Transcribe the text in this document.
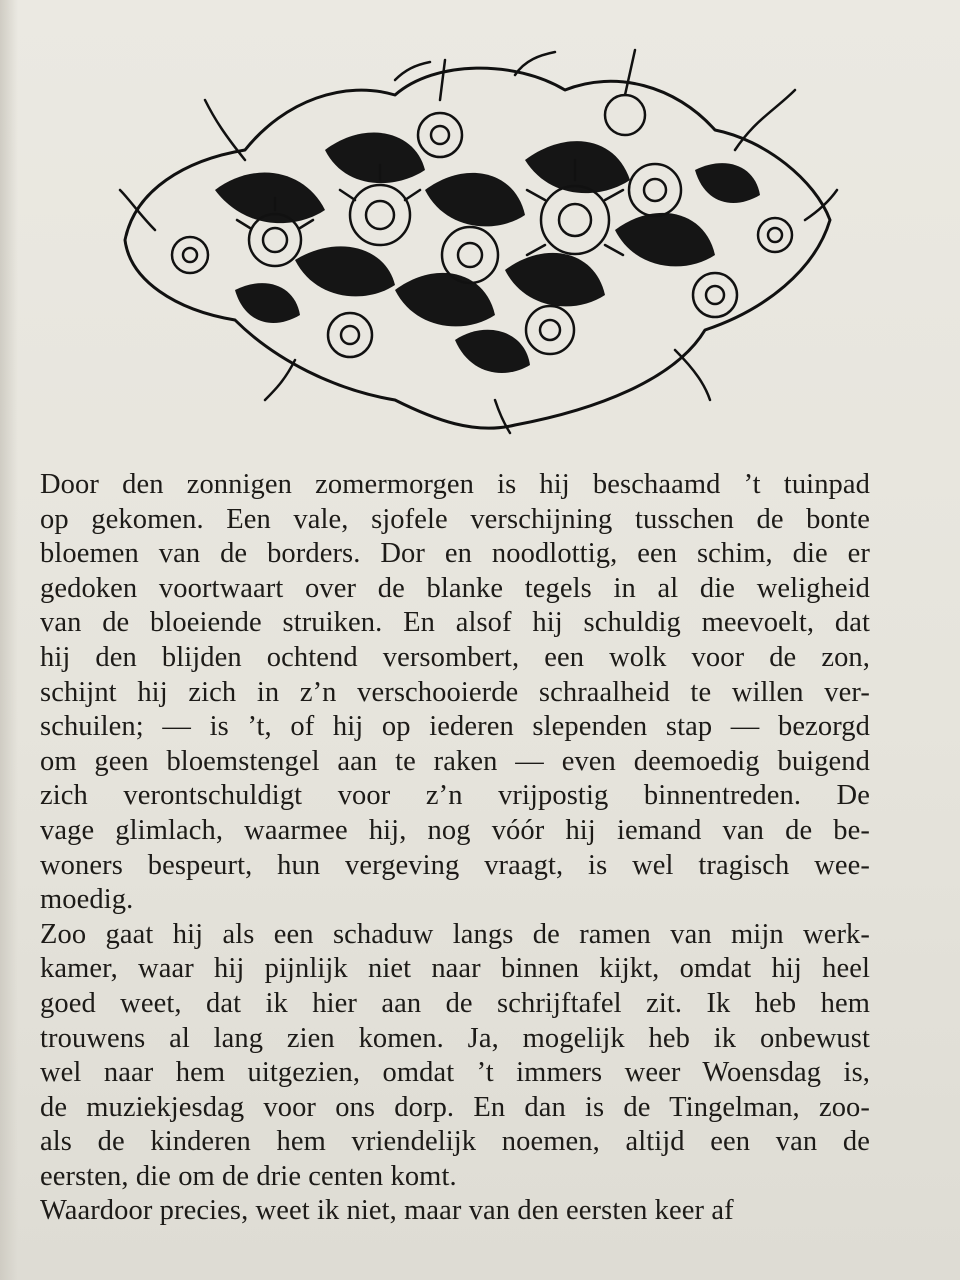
Door den zonnigen zomermorgen is hij beschaamd ’t tuinpad
op gekomen. Een vale, sjofele verschijning tusschen de bonte
bloemen van de borders. Dor en noodlottig, een schim, die er
gedoken voortwaart over de blanke tegels in al die weligheid
van de bloeiende struiken. En alsof hij schuldig meevoelt, dat
hij den blijden ochtend versombert, een wolk voor de zon,
schijnt hij zich in z’n verschooierde schraalheid te willen ver-
schuilen; — is ’t, of hij op iederen slependen stap — bezorgd
om geen bloemstengel aan te raken — even deemoedig buigend
zich verontschuldigt voor z’n vrijpostig binnentreden. De
vage glimlach, waarmee hij, nog vóór hij iemand van de be-
woners bespeurt, hun vergeving vraagt, is wel tragisch wee-
moedig.
Zoo gaat hij als een schaduw langs de ramen van mijn werk-
kamer, waar hij pijnlijk niet naar binnen kijkt, omdat hij heel
goed weet, dat ik hier aan de schrijftafel zit. Ik heb hem
trouwens al lang zien komen. Ja, mogelijk heb ik onbewust
wel naar hem uitgezien, omdat ’t immers weer Woensdag is,
de muziekjesdag voor ons dorp. En dan is de Tingelman, zoo-
als de kinderen hem vriendelijk noemen, altijd een van de
eersten, die om de drie centen komt.
Waardoor precies, weet ik niet, maar van den eersten keer af
